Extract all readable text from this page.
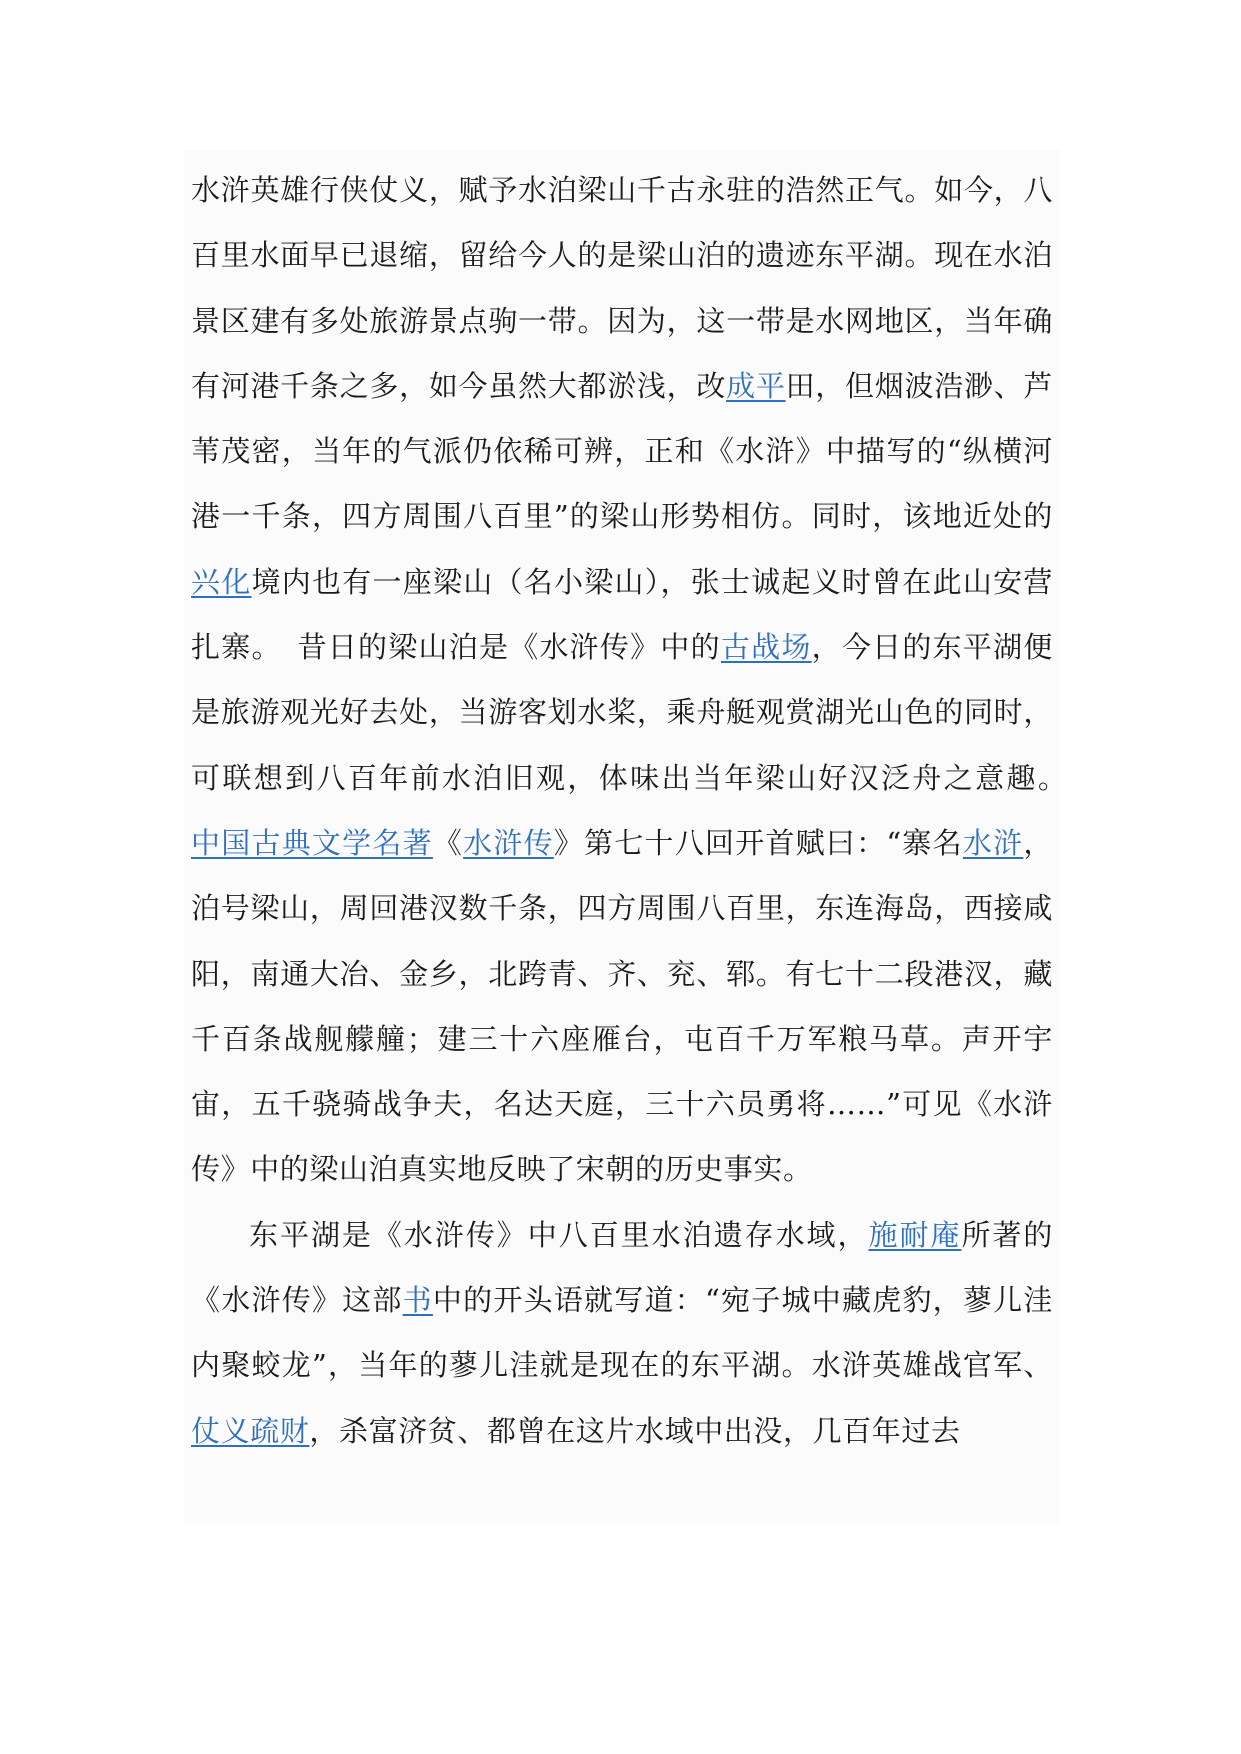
水浒英雄行侠仗义，赋予水泊梁山千古永驻的浩然正气。如今，八百里水面早已退缩，留给今人的是梁山泊的遗迹东平湖。现在水泊景区建有多处旅游景点驹一带。因为，这一带是水网地区，当年确有河港千条之多，如今虽然大都淤浅，改成平田，但烟波浩渺、芦苇茂密，当年的气派仍依稀可辨，正和《水浒》中描写的“纵横河港一千条，四方周围八百里”的梁山形势相仿。同时，该地近处的兴化境内也有一座梁山（名小梁山），张士诚起义时曾在此山安营扎寨。　昔日的梁山泊是《水浒传》中的古战场，今日的东平湖便是旅游观光好去处，当游客划水桨，乘舟艇观赏湖光山色的同时，可联想到八百年前水泊旧观，体味出当年梁山好汉泛舟之意趣。　中国古典文学名著《水浒传》第七十八回开首赋曰：“寨名水浒，泊号梁山，周回港汊数千条，四方周围八百里，东连海岛，西接咸阳，南通大冶、金乡，北跨青、齐、兖、郓。有七十二段港汊，藏千百条战舰艨艟；建三十六座雁台，屯百千万军粮马草。声开宇宙，五千骁骑战争夫，名达天庭，三十六员勇将……”可见《水浒传》中的梁山泊真实地反映了宋朝的历史事实。

东平湖是《水浒传》中八百里水泊遗存水域，施耐庵所著的《水浒传》这部书中的开头语就写道：“宛子城中藏虎豹，蓼儿洼内聚蛟龙”，当年的蓼儿洼就是现在的东平湖。水浒英雄战官军、仗义疏财，杀富济贫、都曾在这片水域中出没，几百年过去
